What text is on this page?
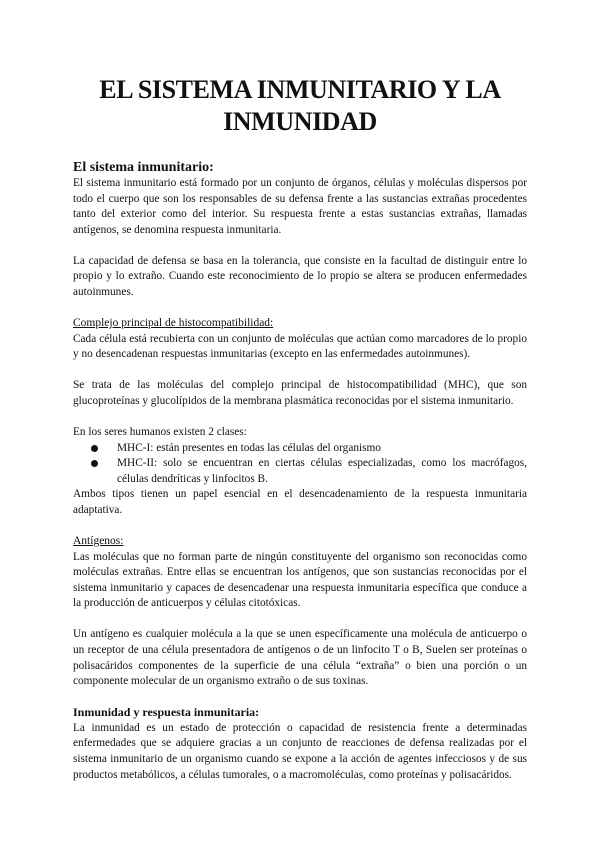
EL SISTEMA INMUNITARIO Y LA INMUNIDAD
El sistema inmunitario:

El sistema inmunitario está formado por un conjunto de órganos, células y moléculas dispersos por todo el cuerpo que son los responsables de su defensa frente a las sustancias extrañas procedentes tanto del exterior como del interior. Su respuesta frente a estas sustancias extrañas, llamadas antígenos, se denomina respuesta inmunitaria.

La capacidad de defensa se basa en la tolerancia, que consiste en la facultad de distinguir entre lo propio y lo extraño. Cuando este reconocimiento de lo propio se altera se producen enfermedades autoinmunes.

Complejo principal de histocompatibilidad:

Cada célula está recubierta con un conjunto de moléculas que actúan como marcadores de lo propio y no desencadenan respuestas inmunitarias (excepto en las enfermedades autoinmunes).

Se trata de las moléculas del complejo principal de histocompatibilidad (MHC), que son glucoproteínas y glucolípidos de la membrana plasmática reconocidas por el sistema inmunitario.

En los seres humanos existen 2 clases:

MHC-I: están presentes en todas las células del organismo
MHC-II: solo se encuentran en ciertas células especializadas, como los macrófagos, células dendríticas y linfocitos B.

Ambos tipos tienen un papel esencial en el desencadenamiento de la respuesta inmunitaria adaptativa.

Antígenos:

Las moléculas que no forman parte de ningún constituyente del organismo son reconocidas como moléculas extrañas. Entre ellas se encuentran los antígenos, que son sustancias reconocidas por el sistema inmunitario y capaces de desencadenar una respuesta inmunitaria específica que conduce a la producción de anticuerpos y células citotóxicas.

Un antígeno es cualquier molécula a la que se unen específicamente una molécula de anticuerpo o un receptor de una célula presentadora de antígenos o de un linfocito T o B, Suelen ser proteínas o polisacáridos componentes de la superficie de una célula “extraña” o bien una porción o un componente molecular de un organismo extraño o de sus toxinas.

Inmunidad y respuesta inmunitaria:

La inmunidad es un estado de protección o capacidad de resistencia frente a determinadas enfermedades que se adquiere gracias a un conjunto de reacciones de defensa realizadas por el sistema inmunitario de un organismo cuando se expone a la acción de agentes infecciosos y de sus productos metabólicos, a células tumorales, o a macromoléculas, como proteínas y polisacáridos.
